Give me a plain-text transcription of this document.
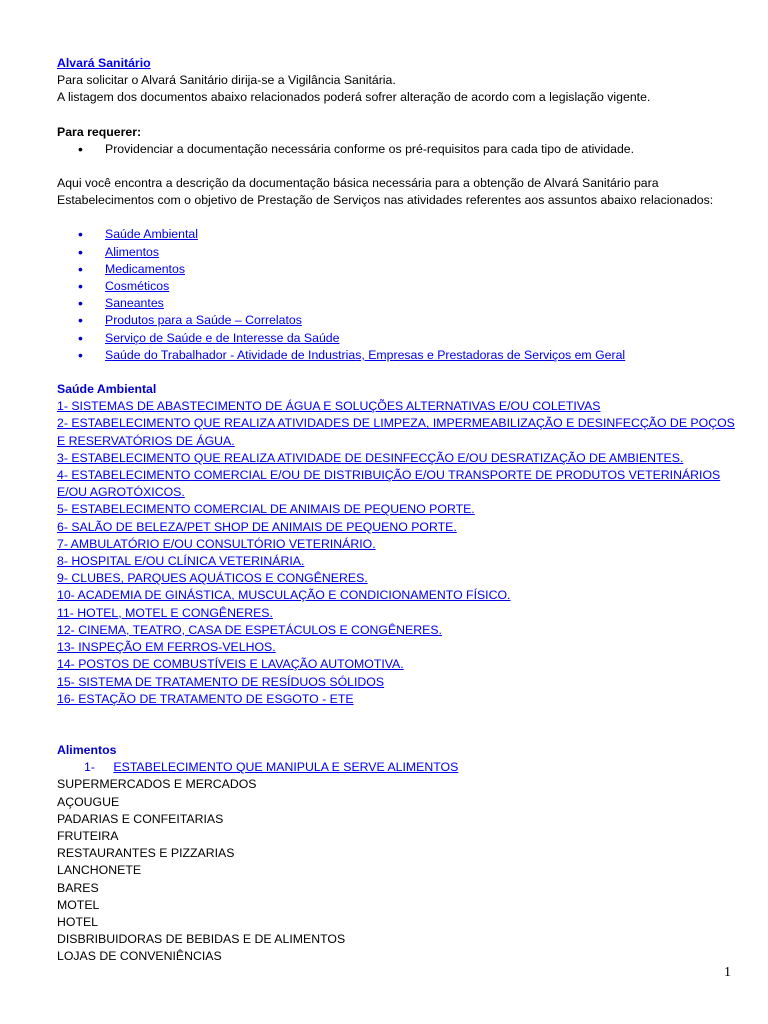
Alvará Sanitário
Para solicitar o Alvará Sanitário dirija-se a Vigilância Sanitária.
A listagem dos documentos abaixo relacionados poderá sofrer alteração de acordo com a legislação vigente.
Para requerer:
• Providenciar a documentação necessária conforme os pré-requisitos para cada tipo de atividade.
Aqui você encontra a descrição da documentação básica necessária para a obtenção de Alvará Sanitário para Estabelecimentos com o objetivo de Prestação de Serviços nas atividades referentes aos assuntos abaixo relacionados:
• Saúde Ambiental
• Alimentos
• Medicamentos
• Cosméticos
• Saneantes
• Produtos para a Saúde – Correlatos
• Serviço de Saúde e de Interesse da Saúde
• Saúde do Trabalhador - Atividade de Industrias, Empresas e Prestadoras de Serviços em Geral
Saúde Ambiental
1- SISTEMAS DE ABASTECIMENTO DE ÁGUA E SOLUÇÕES ALTERNATIVAS E/OU COLETIVAS
2- ESTABELECIMENTO QUE REALIZA ATIVIDADES DE LIMPEZA, IMPERMEABILIZAÇÃO E DESINFECÇÃO DE POÇOS E RESERVATÓRIOS DE ÁGUA.
3- ESTABELECIMENTO QUE REALIZA ATIVIDADE DE DESINFECÇÃO E/OU DESRATIZAÇÃO DE AMBIENTES.
4- ESTABELECIMENTO COMERCIAL E/OU DE DISTRIBUIÇÃO E/OU TRANSPORTE DE PRODUTOS VETERINÁRIOS E/OU AGROTÓXICOS.
5- ESTABELECIMENTO COMERCIAL DE ANIMAIS DE PEQUENO PORTE.
6- SALÃO DE BELEZA/PET SHOP DE ANIMAIS DE PEQUENO PORTE.
7- AMBULATÓRIO E/OU CONSULTÓRIO VETERINÁRIO.
8- HOSPITAL E/OU CLÍNICA VETERINÁRIA.
9- CLUBES, PARQUES AQUÁTICOS E CONGÊNERES.
10- ACADEMIA DE GINÁSTICA, MUSCULAÇÃO E CONDICIONAMENTO FÍSICO.
11- HOTEL, MOTEL E CONGÊNERES.
12- CINEMA, TEATRO, CASA DE ESPETÁCULOS E CONGÊNERES.
13- INSPEÇÃO EM FERROS-VELHOS.
14- POSTOS DE COMBUSTÍVEIS E LAVAÇÃO AUTOMOTIVA.
15- SISTEMA DE TRATAMENTO DE RESÍDUOS SÓLIDOS
16- ESTAÇÃO DE TRATAMENTO DE ESGOTO - ETE
Alimentos
1- ESTABELECIMENTO QUE MANIPULA E SERVE ALIMENTOS
SUPERMERCADOS E MERCADOS
AÇOUGUE
PADARIAS E CONFEITARIAS
FRUTEIRA
RESTAURANTES E PIZZARIAS
LANCHONETE
BARES
MOTEL
HOTEL
DISBRIBUIDORAS DE BEBIDAS E DE ALIMENTOS
LOJAS DE CONVENIÊNCIAS
1
